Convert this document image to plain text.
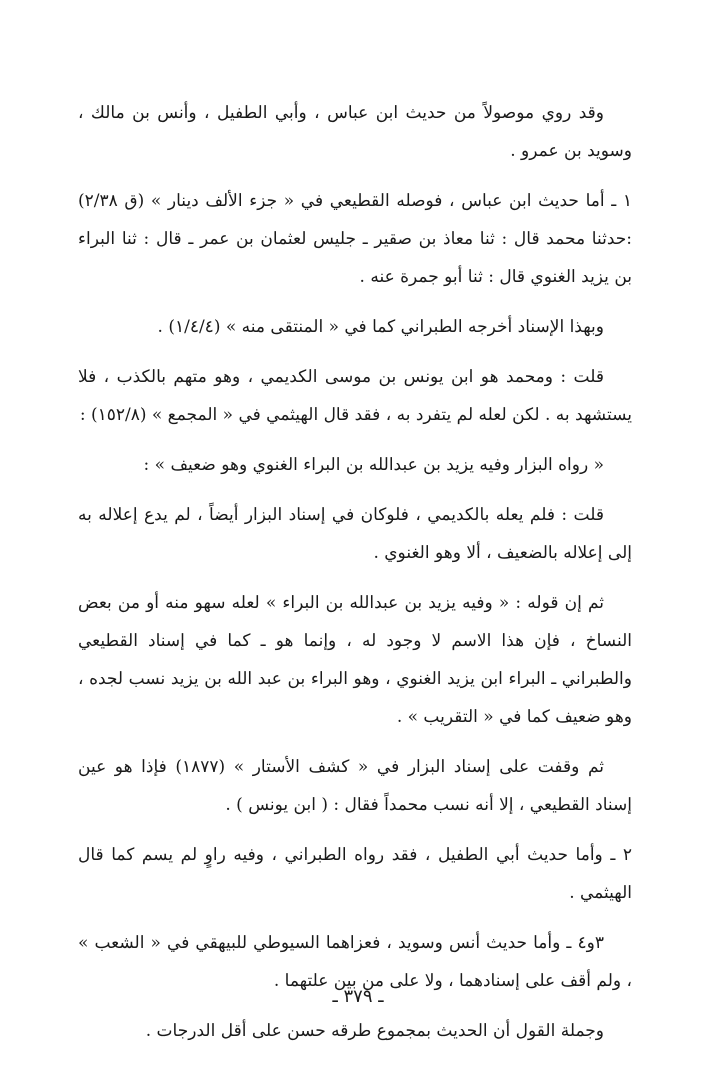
وقد روي موصولاً من حديث ابن عباس ، وأبي الطفيل ، وأنس بن مالك ، وسويد بن عمرو .

١ ـ أما حديث ابن عباس ، فوصله القطيعي في « جزء الألف دينار » (ق ٢/٣٨) :حدثنا محمد قال : ثنا معاذ بن صقير ـ جليس لعثمان بن عمر ـ قال : ثنا البراء بن يزيد الغنوي قال : ثنا أبو جمرة عنه .

وبهذا الإسناد أخرجه الطبراني كما في « المنتقى منه » (١/٤/٤) .

قلت : ومحمد هو ابن يونس بن موسى الكديمي ، وهو متهم بالكذب ، فلا يستشهد به . لكن لعله لم يتفرد به ، فقد قال الهيثمي في « المجمع » (١٥٢/٨) :

« رواه البزار وفيه يزيد بن عبدالله بن البراء الغنوي وهو ضعيف » :

قلت : فلم يعله بالكديمي ، فلوكان في إسناد البزار أيضاً ، لم يدع إعلاله به إلى إعلاله بالضعيف ، ألا وهو الغنوي .

ثم إن قوله : « وفيه يزيد بن عبدالله بن البراء » لعله سهو منه أو من بعض النساخ ، فإن هذا الاسم لا وجود له ، وإنما هو ـ كما في إسناد القطيعي والطبراني ـ البراء ابن يزيد الغنوي ، وهو البراء بن عبد الله بن يزيد نسب لجده ، وهو ضعيف كما في « التقريب » .

ثم وقفت على إسناد البزار في « كشف الأستار » (١٨٧٧) فإذا هو عين إسناد القطيعي ، إلا أنه نسب محمداً فقال : ( ابن يونس ) .

٢ ـ وأما حديث أبي الطفيل ، فقد رواه الطبراني ، وفيه راوٍ لم يسم كما قال الهيثمي .

٣و٤ ـ وأما حديث أنس وسويد ، فعزاهما السيوطي للبيهقي في « الشعب » ، ولم أقف على إسنادهما ، ولا على من بين علتهما .

وجملة القول أن الحديث بمجموع طرقه حسن على أقل الدرجات .

ـ ٣٧٩ ـ
